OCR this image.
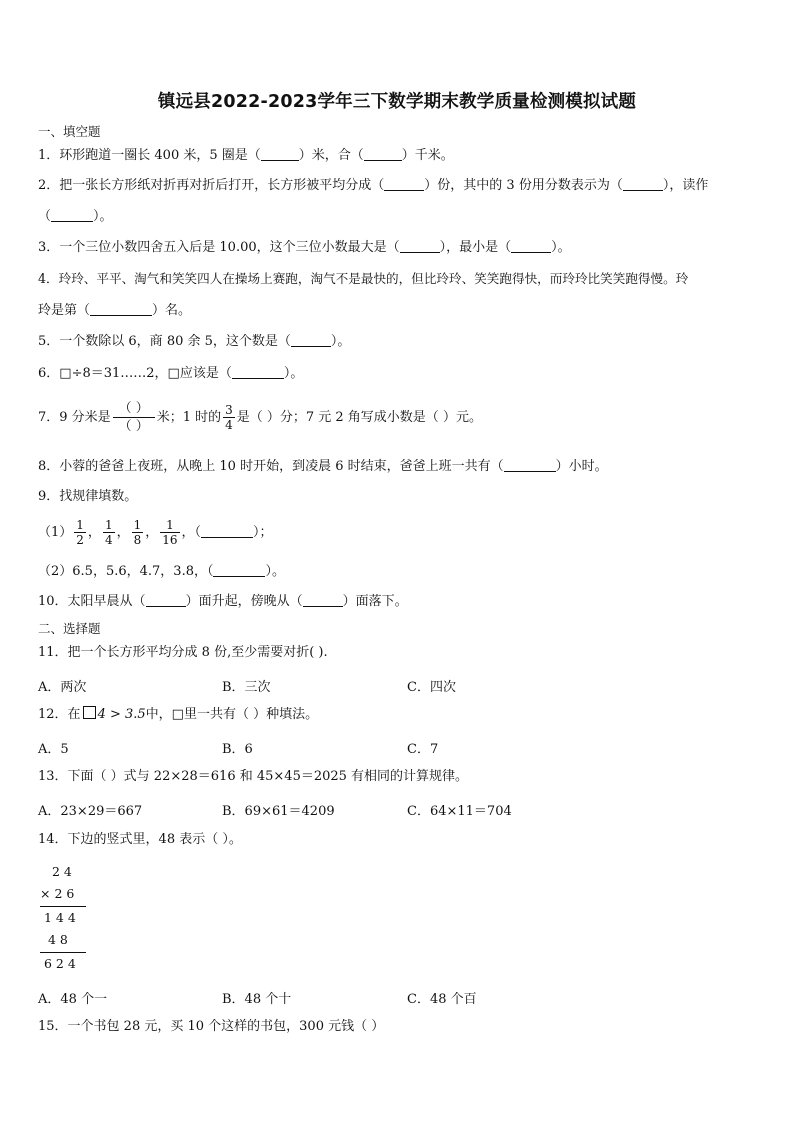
镇远县2022-2023学年三下数学期末教学质量检测模拟试题
一、填空题
1．环形跑道一圈长 400 米，5 圈是（	）米，合（	）千米。
2．把一张长方形纸对折再对折后打开，长方形被平均分成（	）份，其中的 3 份用分数表示为（	），读作
（	）。
3．一个三位小数四舍五入后是 10.00，这个三位小数最大是（	），最小是（	）。
4．玲玲、平平、淘气和笑笑四人在操场上赛跑，淘气不是最快的，但比玲玲、笑笑跑得快，而玲玲比笑笑跑得慢。玲
玲是第（	）名。
5．一个数除以 6，商 80 余 5，这个数是（	）。
6．□÷8＝31……2，□应该是（	）。
7．9 分米是 $\frac{( )}{( )}$ 米；1 时的 $\frac{3}{4}$ 是（ ）分；7 元 2 角写成小数是（ ）元。
8．小蓉的爸爸上夜班，从晚上 10 时开始，到凌晨 6 时结束，爸爸上班一共有（	）小时。
9．找规律填数。
$(1) \frac{1}{2}$ ， $\frac{1}{4}$ ， $\frac{1}{8}$ ， $\frac{1}{16}$ ，（	）；
（2）6.5，5.6，4.7，3.8，（	）。
10．太阳早晨从（	）面升起，傍晚从（	）面落下。
二、选择题
11．把一个长方形平均分成 8 份,至少需要对折( ).
A．两次	B．三次	C．四次
12．在 4 > 3.5中，□里一共有（ ）种填法。
A．5	B．6	C．7
13．下面（ ）式与 22×28＝616 和 45×45＝2025 有相同的计算规律。
A．23×29＝667	B．69×61＝4209	C．64×11＝704
14．下边的竖式里，48 表示（ ）。
2 4
× 2 6
1 4 4
4 8
6 2 4
A．48 个一	B．48 个十	C．48 个百
15．一个书包 28 元，买 10 个这样的书包，300 元钱（ ）
